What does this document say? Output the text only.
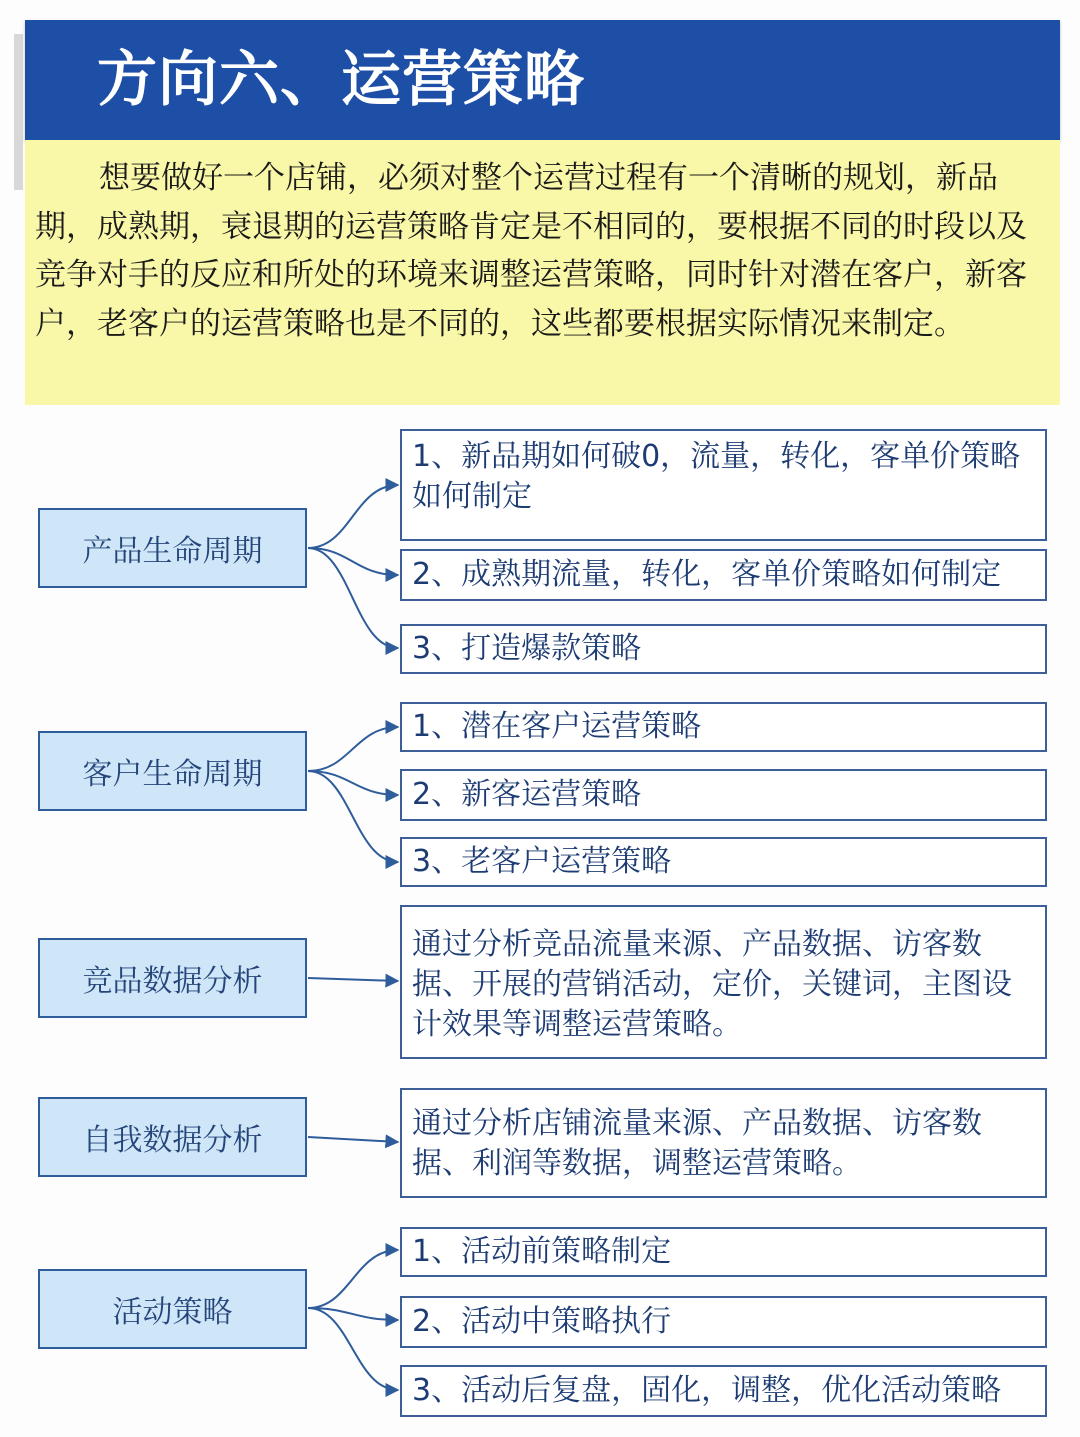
方向六、运营策略

想要做好一个店铺，必须对整个运营过程有一个清晰的规划，新品期，成熟期，衰退期的运营策略肯定是不相同的，要根据不同的时段以及竞争对手的反应和所处的环境来调整运营策略，同时针对潜在客户，新客户，老客户的运营策略也是不同的，这些都要根据实际情况来制定。

产品生命周期
1、新品期如何破0，流量，转化，客单价策略如何制定
2、成熟期流量，转化，客单价策略如何制定
3、打造爆款策略
客户生命周期
1、潜在客户运营策略
2、新客运营策略
3、老客户运营策略
竞品数据分析
通过分析竞品流量来源、产品数据、访客数据、开展的营销活动，定价，关键词，主图设计效果等调整运营策略。
自我数据分析	通过分析店铺流量来源、产品数据、访客数据、利润等数据，调整运营策略。
活动策略
1、活动前策略制定
2、活动中策略执行
3、活动后复盘，固化，调整，优化活动策略
